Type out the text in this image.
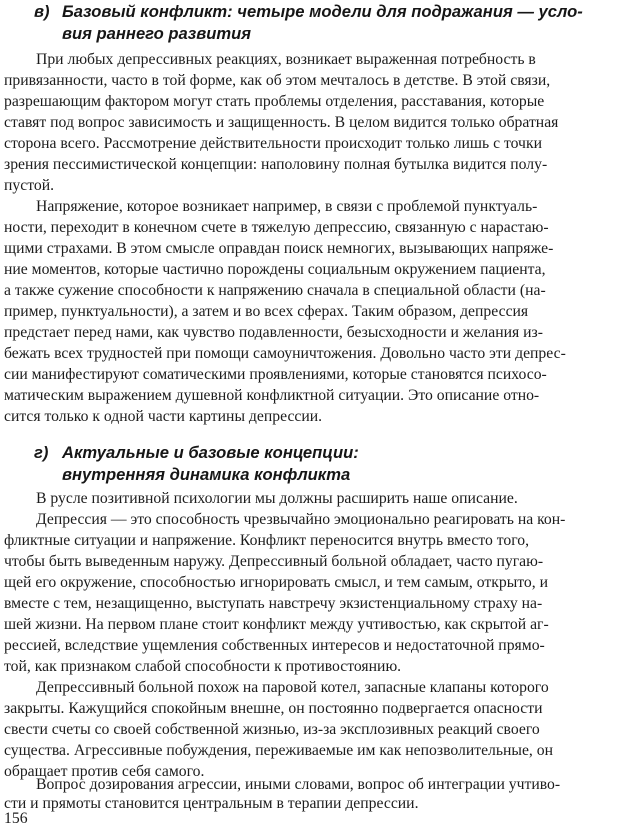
в) Базовый конфликт: четыре модели для подражания — усло-
вия раннего развития
При любых депрессивных реакциях, возникает выраженная потребность в
привязанности, часто в той форме, как об этом мечталось в детстве. В этой связи,
разрешающим фактором могут стать проблемы отделения, расставания, которые
ставят под вопрос зависимость и защищенность. В целом видится только обратная
сторона всего. Рассмотрение действительности происходит только лишь с точки
зрения пессимистической концепции: наполовину полная бутылка видится полу-
пустой.
Напряжение, которое возникает например, в связи с проблемой пунктуаль-
ности, переходит в конечном счете в тяжелую депрессию, связанную с нарастаю-
щими страхами. В этом смысле оправдан поиск немногих, вызывающих напряже-
ние моментов, которые частично порождены социальным окружением пациента,
а также сужение способности к напряжению сначала в специальной области (на-
пример, пунктуальности), а затем и во всех сферах. Таким образом, депрессия
предстает перед нами, как чувство подавленности, безысходности и желания из-
бежать всех трудностей при помощи самоуничтожения. Довольно часто эти депрес-
сии манифестируют соматическими проявлениями, которые становятся психосо-
матическим выражением душевной конфликтной ситуации. Это описание отно-
сится только к одной части картины депрессии.
г) Актуальные и базовые концепции:
внутренняя динамика конфликта
В русле позитивной психологии мы должны расширить наше описание.
Депрессия — это способность чрезвычайно эмоционально реагировать на кон-
фликтные ситуации и напряжение. Конфликт переносится внутрь вместо того,
чтобы быть выведенным наружу. Депрессивный больной обладает, часто пугаю-
щей его окружение, способностью игнорировать смысл, и тем самым, открыто, и
вместе с тем, незащищенно, выступать навстречу экзистенциальному страху на-
шей жизни. На первом плане стоит конфликт между учтивостью, как скрытой аг-
рессией, вследствие ущемления собственных интересов и недостаточной прямо-
той, как признаком слабой способности к противостоянию.
Депрессивный больной похож на паровой котел, запасные клапаны которого
закрыты. Кажущийся спокойным внешне, он постоянно подвергается опасности
свести счеты со своей собственной жизнью, из-за эксплозивных реакций своего
существа. Агрессивные побуждения, переживаемые им как непозволительные, он
обращает против себя самого.
Вопрос дозирования агрессии, иными словами, вопрос об интеграции учтиво-
сти и прямоты становится центральным в терапии депрессии.
156
